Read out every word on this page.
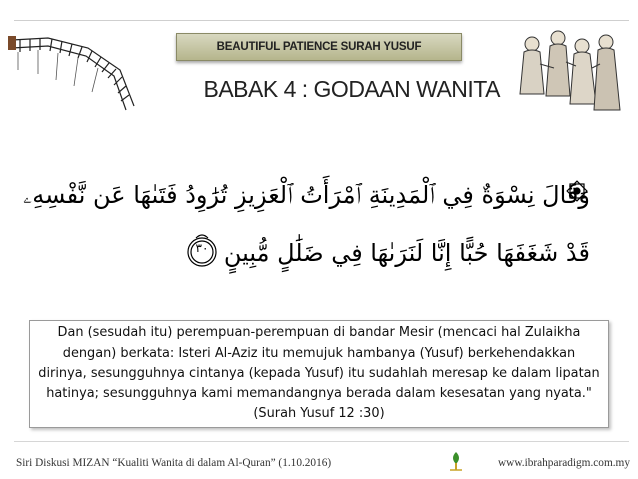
BEAUTIFUL PATIENCE SURAH YUSUF
BABAK 4 : GODAAN WANITA
وَقَالَ نِسْوَةٌ فِي ٱلْمَدِينَةِ ٱمْرَأَتُ ٱلْعَزِيزِ تُرَٰوِدُ فَتَىٰهَا عَن نَّفْسِهِۦ
قَدْ شَغَفَهَا حُبًّا إِنَّا لَنَرَىٰهَا فِي ضَلَٰلٍ مُّبِينٍ
٣٠

Dan (sesudah itu) perempuan-perempuan di bandar Mesir (mencaci hal Zulaikha dengan) berkata: Isteri Al-Aziz itu memujuk hambanya (Yusuf) berkehendakkan dirinya, sesungguhnya cintanya (kepada Yusuf) itu sudahlah meresap ke dalam lipatan hatinya; sesungguhnya kami memandangnya berada dalam kesesatan yang nyata." (Surah Yusuf 12 :30)

Siri Diskusi MIZAN “Kualiti Wanita di dalam Al-Quran” (1.10.2016)	www.ibrahparadigm.com.my
